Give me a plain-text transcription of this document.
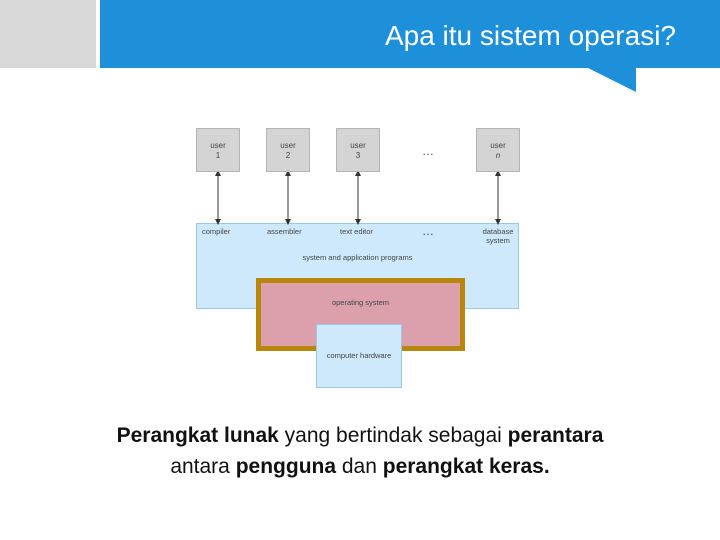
Apa itu sistem operasi?
user
1
user
2
user
3
user
n
…
compiler	assembler	text editor	…	database
system
system and application programs
operating system
computer hardware
Perangkat lunak yang bertindak sebagai perantara
antara pengguna dan perangkat keras.
